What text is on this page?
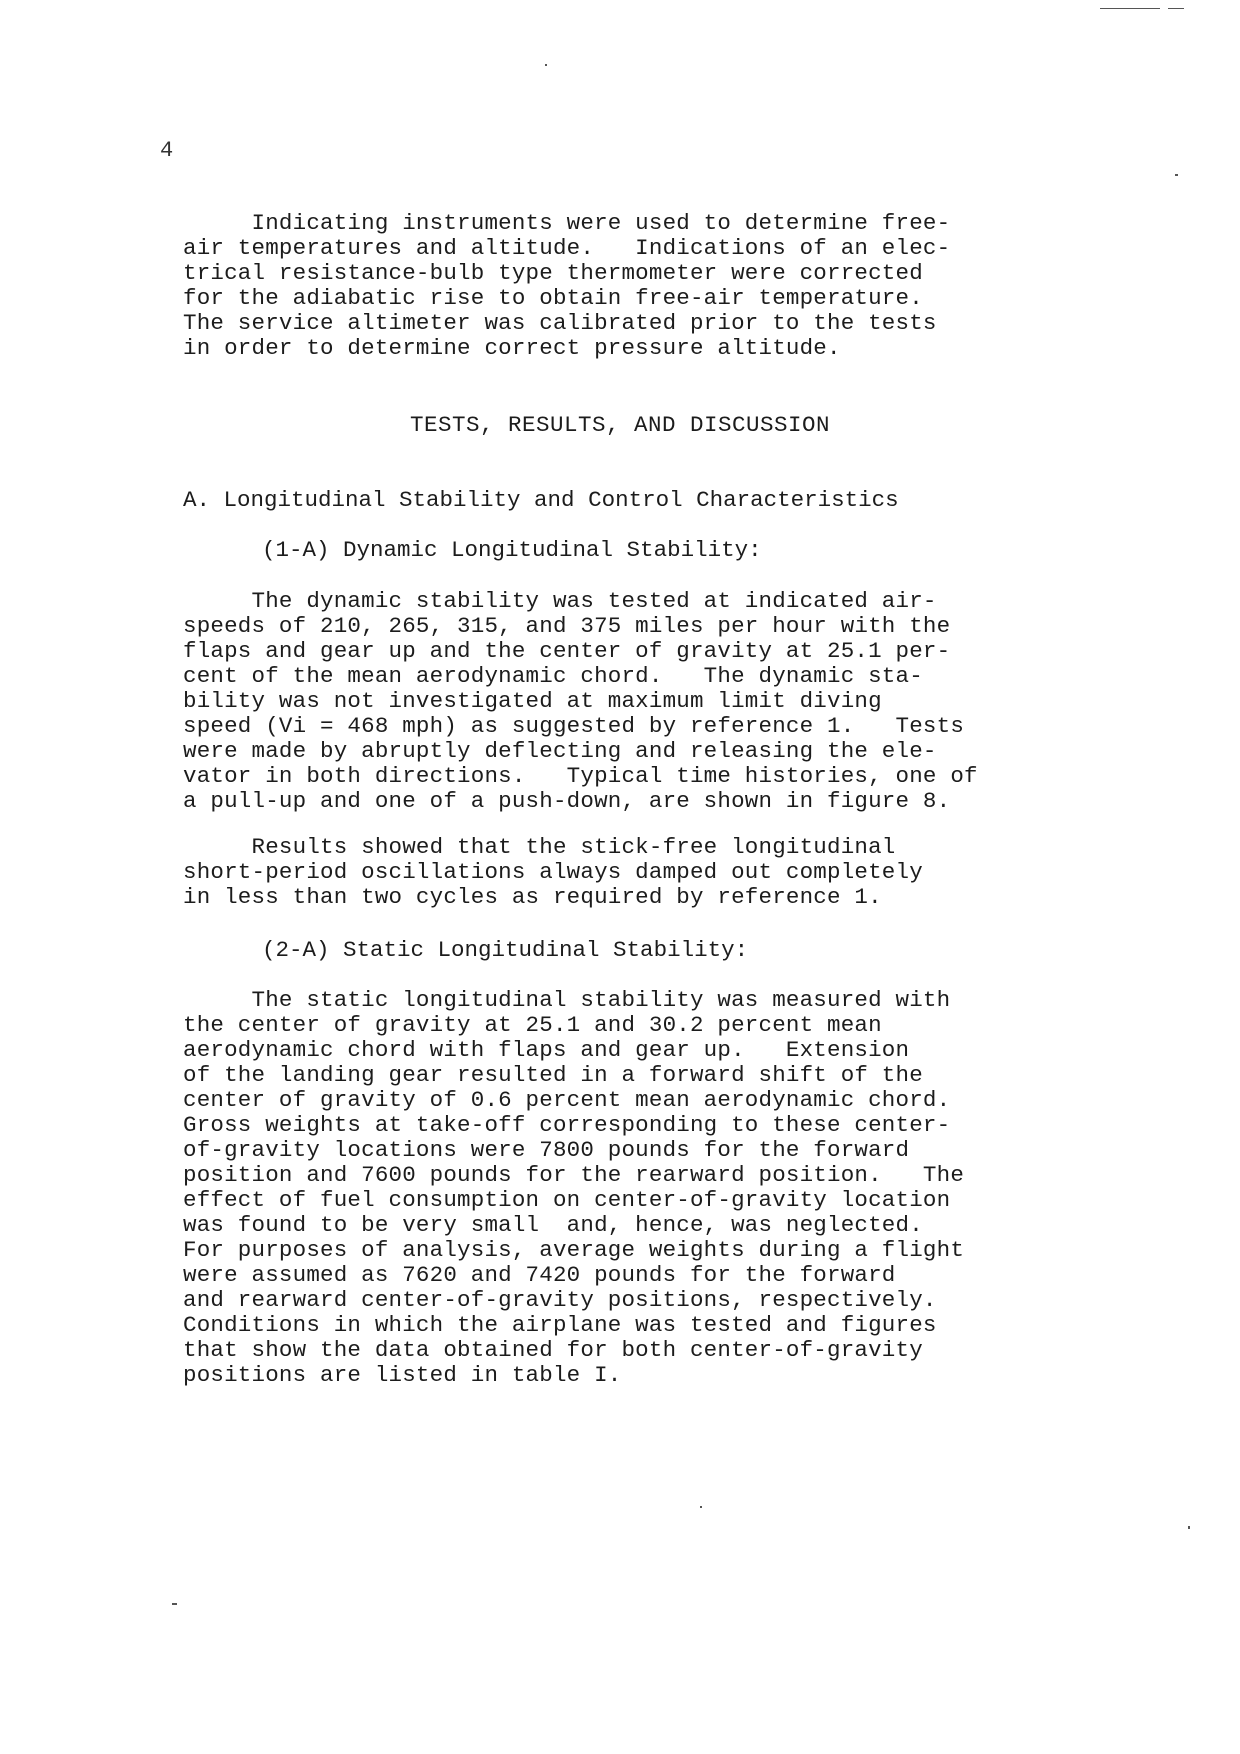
4
Indicating instruments were used to determine free-
air temperatures and altitude.   Indications of an elec-
trical resistance-bulb type thermometer were corrected
for the adiabatic rise to obtain free-air temperature.
The service altimeter was calibrated prior to the tests
in order to determine correct pressure altitude.
TESTS, RESULTS, AND DISCUSSION
A. Longitudinal Stability and Control Characteristics
(1-A) Dynamic Longitudinal Stability:
The dynamic stability was tested at indicated air-
speeds of 210, 265, 315, and 375 miles per hour with the
flaps and gear up and the center of gravity at 25.1 per-
cent of the mean aerodynamic chord.   The dynamic sta-
bility was not investigated at maximum limit diving
speed (Vi = 468 mph) as suggested by reference 1.   Tests
were made by abruptly deflecting and releasing the ele-
vator in both directions.   Typical time histories, one of
a pull-up and one of a push-down, are shown in figure 8.
Results showed that the stick-free longitudinal
short-period oscillations always damped out completely
in less than two cycles as required by reference 1.
(2-A) Static Longitudinal Stability:
The static longitudinal stability was measured with
the center of gravity at 25.1 and 30.2 percent mean
aerodynamic chord with flaps and gear up.   Extension
of the landing gear resulted in a forward shift of the
center of gravity of 0.6 percent mean aerodynamic chord.
Gross weights at take-off corresponding to these center-
of-gravity locations were 7800 pounds for the forward
position and 7600 pounds for the rearward position.   The
effect of fuel consumption on center-of-gravity location
was found to be very small  and, hence, was neglected.
For purposes of analysis, average weights during a flight
were assumed as 7620 and 7420 pounds for the forward
and rearward center-of-gravity positions, respectively.
Conditions in which the airplane was tested and figures
that show the data obtained for both center-of-gravity
positions are listed in table I.
